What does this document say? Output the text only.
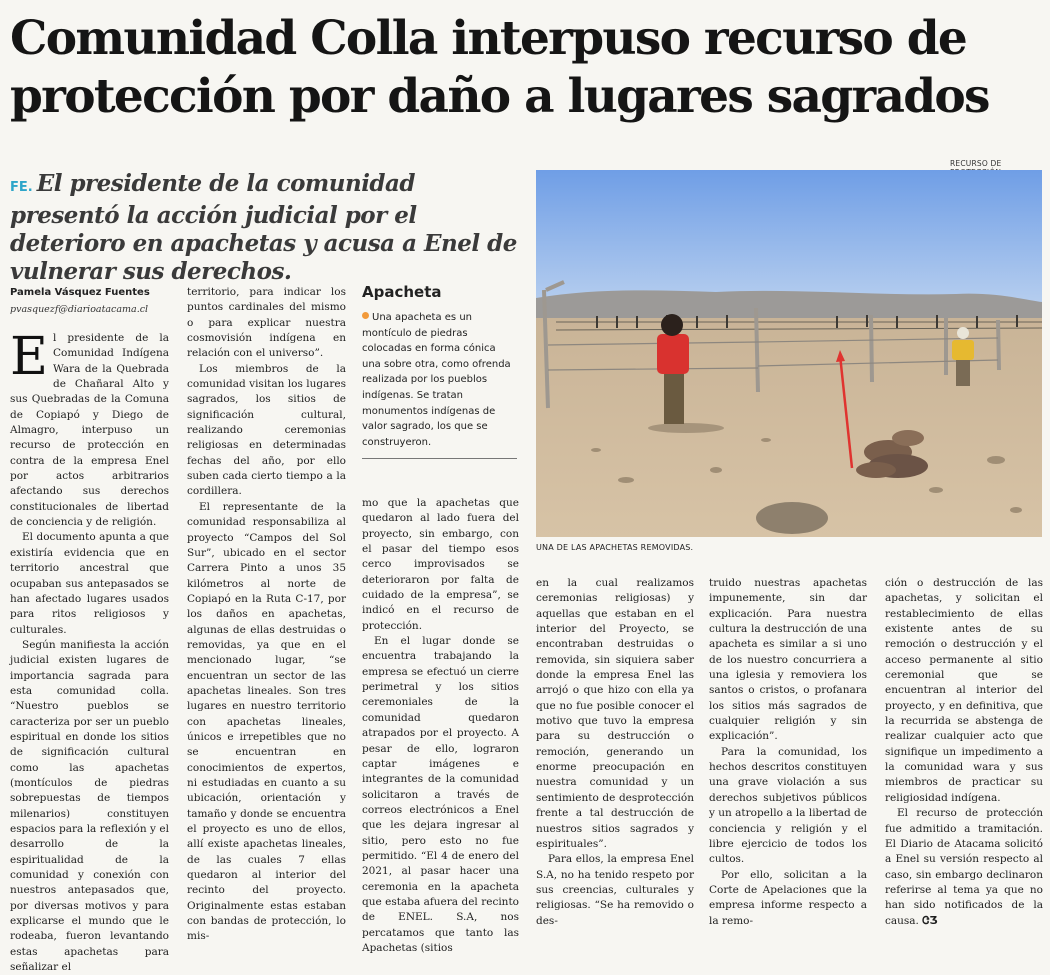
Comunidad Colla interpuso recurso de
protección por daño a lugares sagrados

FE. El presidente de la comunidad presentó la acción judicial por el deterioro en apachetas y acusa a Enel de vulnerar sus derechos.

RECURSO DE
UNA DE LAS APACHETAS REMOVIDAS.
Pamela Vásquez Fuentes
pvasquezf@diarioatacama.cl

El presidente de la Comunidad Indígena Wara de la Quebrada de Chañaral Alto y sus Quebradas de la Comuna de Copiapó y Diego de Almagro, interpuso un recurso de protección en contra de la empresa Enel por actos arbitrarios afectando sus derechos constitucionales de libertad de conciencia y de religión.

El documento apunta a que existiría evidencia que en territorio ancestral que ocupaban sus antepasados se han afectado lugares usados para ritos religiosos y culturales.

Según manifiesta la acción judicial existen lugares de importancia sagrada para esta comunidad colla. “Nuestro pueblos se caracteriza por ser un pueblo espiritual en donde los sitios de significación cultural como las apachetas (montículos de piedras sobrepuestas de tiempos milenarios) constituyen espacios para la reflexión y el desarrollo de la espiritualidad de la comunidad y conexión con nuestros antepasados que, por diversas motivos y para explicarse el mundo que le rodeaba, fueron levantando estas apachetas para señalizar el

territorio, para indicar los puntos cardinales del mismo o para explicar nuestra cosmovisión indígena en relación con el universo”.

Los miembros de la comunidad visitan los lugares sagrados, los sitios de significación cultural, realizando ceremonias religiosas en determinadas fechas del año, por ello suben cada cierto tiempo a la cordillera.

El representante de la comunidad responsabiliza al proyecto “Campos del Sol Sur”, ubicado en el sector Carrera Pinto a unos 35 kilómetros al norte de Copiapó en la Ruta C-17, por los daños en apachetas, algunas de ellas destruidas o removidas, ya que en el mencionado lugar, “se encuentran un sector de las apachetas lineales. Son tres lugares en nuestro territorio con apachetas lineales, únicos e irrepetibles que no se encuentran en conocimientos de expertos, ni estudiadas en cuanto a su ubicación, orientación y tamaño y donde se encuentra el proyecto es uno de ellos, allí existe apachetas lineales, de las cuales 7 ellas quedaron al interior del recinto del proyecto. Originalmente estas estaban con bandas de protección, lo mis-

Apacheta

Una apacheta es un montículo de piedras colocadas en forma cónica una sobre otra, como ofrenda realizada por los pueblos indígenas. Se tratan monumentos indígenas de valor sagrado, los que se construyeron.

mo que la apachetas que quedaron al lado fuera del proyecto, sin embargo, con el pasar del tiempo esos cerco improvisados se deterioraron por falta de cuidado de la empresa”, se indicó en el recurso de protección.

En el lugar donde se encuentra trabajando la empresa se efectuó un cierre perimetral y los sitios ceremoniales de la comunidad quedaron atrapados por el proyecto. A pesar de ello, lograron captar imágenes e integrantes de la comunidad solicitaron a través de correos electrónicos a Enel que les dejara ingresar al sitio, pero esto no fue permitido. “El 4 de enero del 2021, al pasar hacer una ceremonia en la apacheta que estaba afuera del recinto de ENEL. S.A, nos percatamos que tanto las Apachetas (sitios

en la cual realizamos ceremonias religiosas) y aquellas que estaban en el interior del Proyecto, se encontraban destruidas o removida, sin siquiera saber donde la empresa Enel las arrojó o que hizo con ella ya que no fue posible conocer el motivo que tuvo la empresa para su destrucción o remoción, generando un enorme preocupación en nuestra comunidad y un sentimiento de desprotección frente a tal destrucción de nuestros sitios sagrados y espirituales”.

Para ellos, la empresa Enel S.A, no ha tenido respeto por sus creencias, culturales y religiosas. “Se ha removido o des-

truido nuestras apachetas impunemente, sin dar explicación. Para nuestra cultura la destrucción de una apacheta es similar a si uno de los nuestro concurriera a una iglesia y removiera los santos o cristos, o profanara los sitios más sagrados de cualquier religión y sin explicación”.

Para la comunidad, los hechos descritos constituyen una grave violación a sus derechos subjetivos públicos y un atropello a la libertad de conciencia y religión y el libre ejercicio de todos los cultos.

Por ello, solicitan a la Corte de Apelaciones que la empresa informe respecto a la remo-

ción o destrucción de las apachetas, y solicitan el restablecimiento de ellas existente antes de su remoción o destrucción y el acceso permanente al sitio ceremonial que se encuentran al interior del proyecto, y en definitiva, que la recurrida se abstenga de realizar cualquier acto que signifique un impedimento a la comunidad wara y sus miembros de practicar su religiosidad indígena.

El recurso de protección fue admitido a tramitación. El Diario de Atacama solicitó a Enel su versión respecto al caso, sin embargo declinaron referirse al tema ya que no han sido notificados de la causa. ᏣƷ
